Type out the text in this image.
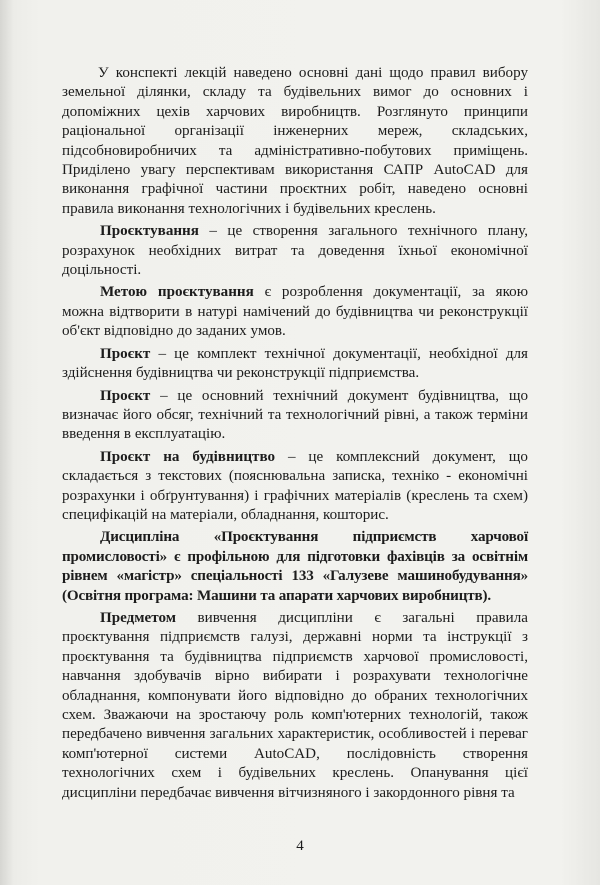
У конспекті лекцій наведено основні дані щодо правил вибору земельної ділянки, складу та будівельних вимог до основних і допоміжних цехів харчових виробництв. Розглянуто принципи раціональної організації інженерних мереж, складських, підсобновиробничих та адміністративно-побутових приміщень. Приділено увагу перспективам використання САПР AutoCAD для виконання графічної частини проєктних робіт, наведено основні правила виконання технологічних і будівельних креслень.

Проєктування – це створення загального технічного плану, розрахунок необхідних витрат та доведення їхньої економічної доцільності.

Метою проєктування є розроблення документації, за якою можна відтворити в натурі намічений до будівництва чи реконструкції об'єкт відповідно до заданих умов.

Проєкт – це комплект технічної документації, необхідної для здійснення будівництва чи реконструкції підприємства.

Проєкт – це основний технічний документ будівництва, що визначає його обсяг, технічний та технологічний рівні, а також терміни введення в експлуатацію.

Проєкт на будівництво – це комплексний документ, що складається з текстових (пояснювальна записка, техніко - економічні розрахунки і обґрунтування) і графічних матеріалів (креслень та схем) специфікацій на матеріали, обладнання, кошторис.

Дисципліна «Проєктування підприємств харчової промисловості» є профільною для підготовки фахівців за освітнім рівнем «магістр» спеціальності 133 «Галузеве машинобудування» (Освітня програма: Машини та апарати харчових виробництв).

Предметом вивчення дисципліни є загальні правила проєктування підприємств галузі, державні норми та інструкції з проєктування та будівництва підприємств харчової промисловості, навчання здобувачів вірно вибирати і розрахувати технологічне обладнання, компонувати його відповідно до обраних технологічних схем. Зважаючи на зростаючу роль комп'ютерних технологій, також передбачено вивчення загальних характеристик, особливостей і переваг комп'ютерної системи AutoCAD, послідовність створення технологічних схем і будівельних креслень. Опанування цієї дисципліни передбачає вивчення вітчизняного і закордонного рівня та

4
